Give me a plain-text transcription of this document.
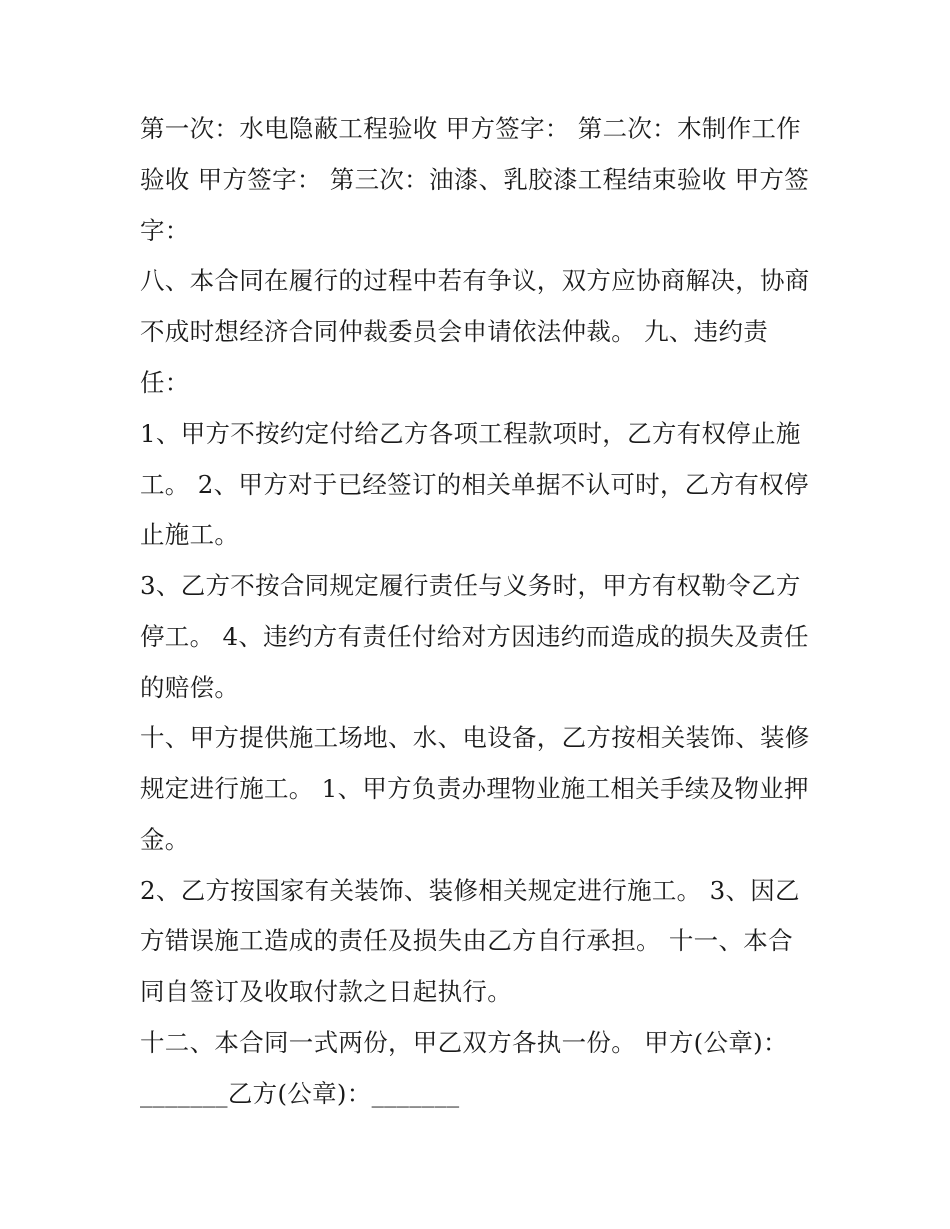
第一次：水电隐蔽工程验收 甲方签字： 第二次：木制作工作
验收 甲方签字： 第三次：油漆、乳胶漆工程结束验收 甲方签
字：
八、本合同在履行的过程中若有争议，双方应协商解决，协商
不成时想经济合同仲裁委员会申请依法仲裁。 九、违约责
任：
1、甲方不按约定付给乙方各项工程款项时，乙方有权停止施
工。 2、甲方对于已经签订的相关单据不认可时，乙方有权停
止施工。
3、乙方不按合同规定履行责任与义务时，甲方有权勒令乙方
停工。 4、违约方有责任付给对方因违约而造成的损失及责任
的赔偿。
十、甲方提供施工场地、水、电设备，乙方按相关装饰、装修
规定进行施工。 1、甲方负责办理物业施工相关手续及物业押
金。
2、乙方按国家有关装饰、装修相关规定进行施工。 3、因乙
方错误施工造成的责任及损失由乙方自行承担。 十一、本合
同自签订及收取付款之日起执行。
十二、本合同一式两份，甲乙双方各执一份。 甲方(公章)：
_______乙方(公章)：_______
